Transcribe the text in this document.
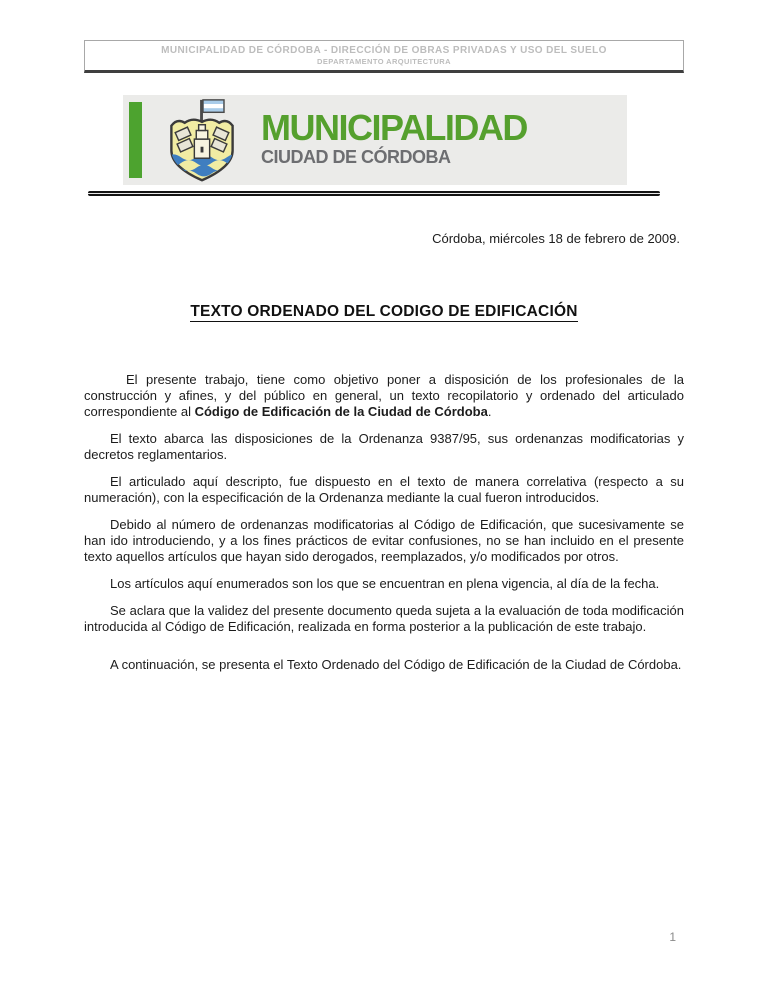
MUNICIPALIDAD DE CÓRDOBA - DIRECCIÓN DE OBRAS PRIVADAS Y USO DEL SUELO
DEPARTAMENTO ARQUITECTURA
MUNICIPALIDAD
CIUDAD DE CÓRDOBA
Córdoba, miércoles 18 de febrero de 2009.
TEXTO ORDENADO DEL CODIGO DE EDIFICACIÓN

El presente trabajo, tiene como objetivo poner a disposición de los profesionales de la construcción y afines, y del público en general, un texto recopilatorio y ordenado del articulado correspondiente al Código de Edificación de la Ciudad de Córdoba.

El texto abarca las disposiciones de la Ordenanza 9387/95, sus ordenanzas modificatorias y decretos reglamentarios.

El articulado aquí descripto, fue dispuesto en el texto de manera correlativa (respecto a su numeración), con la especificación de la Ordenanza mediante la cual fueron introducidos.

Debido al número de ordenanzas modificatorias al Código de Edificación, que sucesivamente se han ido introduciendo, y a los fines prácticos de evitar confusiones, no se han incluido en el presente texto aquellos artículos que hayan sido derogados, reemplazados, y/o modificados por otros.

Los artículos aquí enumerados son los que se encuentran en plena vigencia, al día de la fecha.

Se aclara que la validez del presente documento queda sujeta a la evaluación de toda modificación introducida al Código de Edificación, realizada en forma posterior a la publicación de este trabajo.

A continuación, se presenta el Texto Ordenado del Código de Edificación de la Ciudad de Córdoba.

1
